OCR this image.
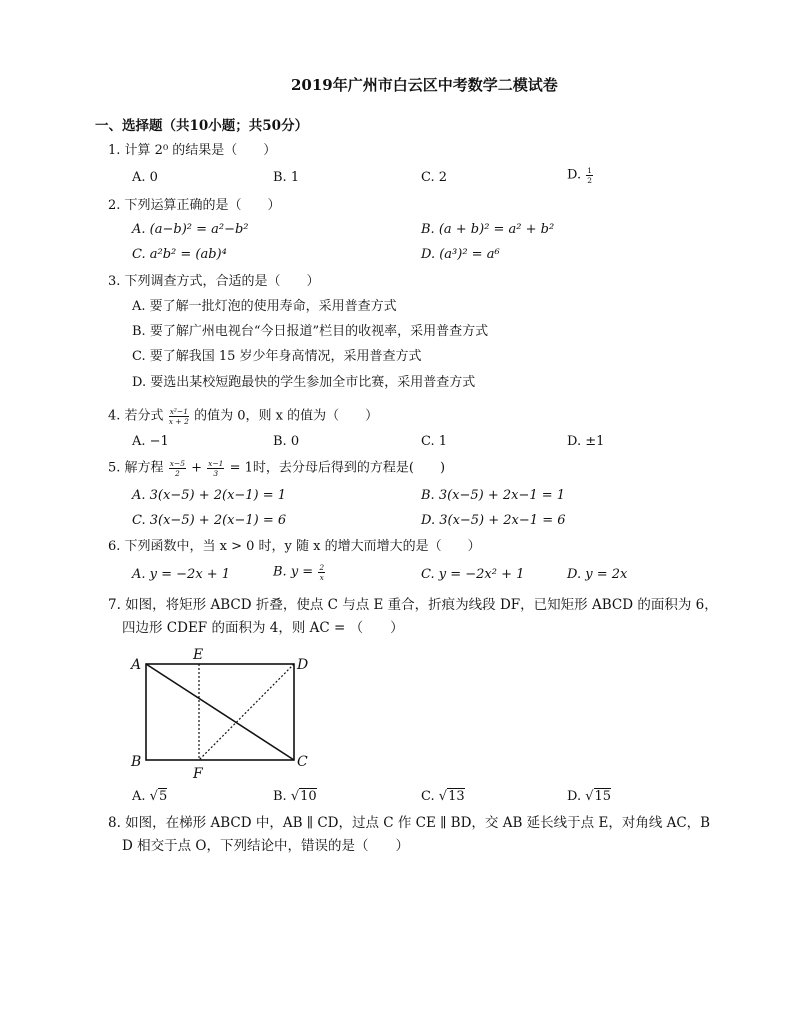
2019年广州市白云区中考数学二模试卷
一、选择题（共10小题；共50分）
1. 计算 2⁰ 的结果是（　　）
A. 0	B. 1	C. 2	D. $\frac{1}{2}$
2. 下列运算正确的是（　　）
A. (a−b)² = a²−b²	B. (a + b)² = a² + b²
C. a²b² = (ab)⁴	D. (a³)² = a⁶
3. 下列调查方式，合适的是（　　）
A. 要了解一批灯泡的使用寿命，采用普查方式
B. 要了解广州电视台“今日报道”栏目的收视率，采用普查方式
C. 要了解我国 15 岁少年身高情况，采用普查方式
D. 要选出某校短跑最快的学生参加全市比赛，采用普查方式
4. 若分式 $\frac{\text{x²−1}}{x + 2}$ 的值为 0，则 x 的值为（　　）
A. −1	B. 0	C. 1	D. ±1
5. 解方程 $\frac{x-5}{2} + \frac{x-1}{3} = 1$时，去分母后得到的方程是(　　)
A. 3(x−5) + 2(x−1) = 1	B. 3(x−5) + 2x−1 = 1
C. 3(x−5) + 2(x−1) = 6	D. 3(x−5) + 2x−1 = 6
6. 下列函数中，当 x > 0 时，y 随 x 的增大而增大的是（　　）
A. y = −2x + 1	B. $y = \frac{2}{x}$	C. y = −2x² + 1	D. y = 2x
7. 如图，将矩形 ABCD 折叠，使点 C 与点 E 重合，折痕为线段 DF，已知矩形 ABCD 的面积为 6，
四边形 CDEF 的面积为 4，则 AC = （　　）
A
E
D
B
F
C
A. √5	B. √10	C. √13	D. √15
8. 如图，在梯形 ABCD 中，AB ∥ CD，过点 C 作 CE ∥ BD，交 AB 延长线于点 E，对角线 AC，B
D 相交于点 O，下列结论中，错误的是（　　）
